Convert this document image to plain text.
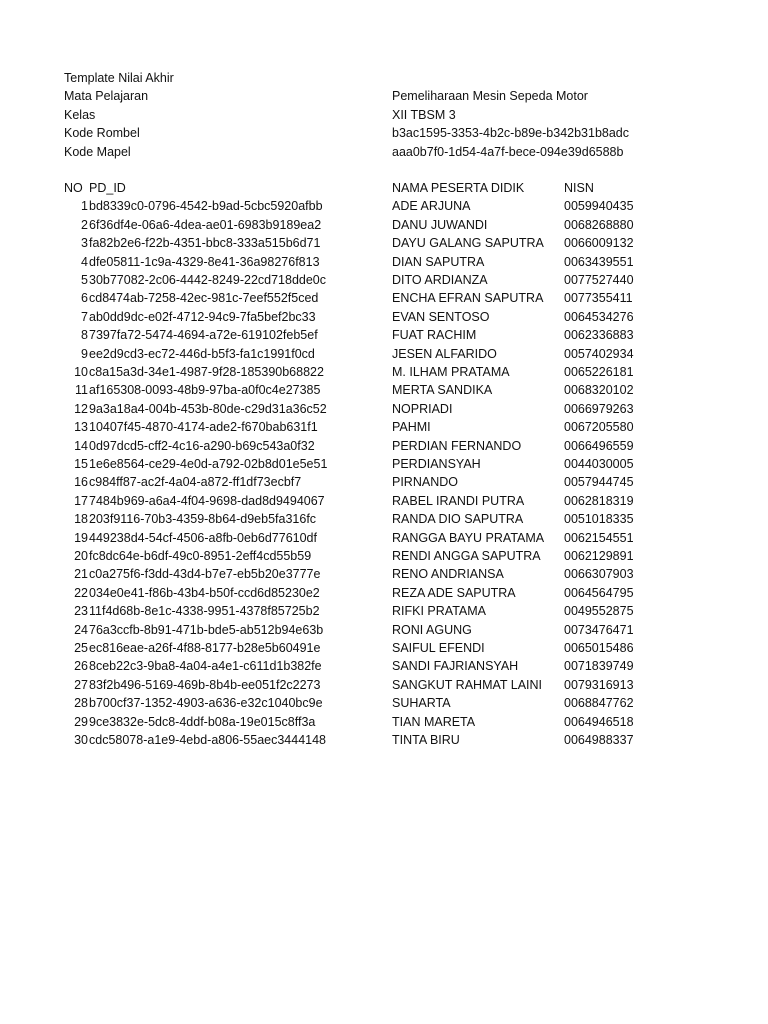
Template Nilai Akhir
Mata Pelajaran	Pemeliharaan Mesin Sepeda Motor
Kelas	XII TBSM 3
Kode Rombel	b3ac1595-3353-4b2c-b89e-b342b31b8adc
Kode Mapel	aaa0b7f0-1d54-4a7f-bece-094e39d6588b
NO PD_ID	NAMA PESERTA DIDIK	NISN
1 bd8339c0-0796-4542-b9ad-5cbc5920afbb	ADE ARJUNA	0059940435
2 6f36df4e-06a6-4dea-ae01-6983b9189ea2	DANU JUWANDI	0068268880
3 fa82b2e6-f22b-4351-bbc8-333a515b6d71	DAYU GALANG SAPUTRA 0066009132
4 dfe05811-1c9a-4329-8e41-36a98276f813	DIAN SAPUTRA	0063439551
5 30b77082-2c06-4442-8249-22cd718dde0c	DITO ARDIANZA	0077527440
6 cd8474ab-7258-42ec-981c-7eef552f5ced	ENCHA EFRAN SAPUTRA 0077355411
7 ab0dd9dc-e02f-4712-94c9-7fa5bef2bc33	EVAN SENTOSO	0064534276
8 7397fa72-5474-4694-a72e-619102feb5ef	FUAT RACHIM	0062336883
9 ee2d9cd3-ec72-446d-b5f3-fa1c1991f0cd	JESEN ALFARIDO	0057402934
10 c8a15a3d-34e1-4987-9f28-185390b68822	M. ILHAM PRATAMA	0065226181
11 af165308-0093-48b9-97ba-a0f0c4e27385	MERTA SANDIKA	0068320102
12 9a3a18a4-004b-453b-80de-c29d31a36c52	NOPRIADI	0066979263
13 10407f45-4870-4174-ade2-f670bab631f1	PAHMI	0067205580
14 0d97dcd5-cff2-4c16-a290-b69c543a0f32	PERDIAN FERNANDO	0066496559
15 1e6e8564-ce29-4e0d-a792-02b8d01e5e51	PERDIANSYAH	0044030005
16 c984ff87-ac2f-4a04-a872-ff1df73ecbf7	PIRNANDO	0057944745
17 7484b969-a6a4-4f04-9698-dad8d9494067	RABEL IRANDI PUTRA	0062818319
18 203f9116-70b3-4359-8b64-d9eb5fa316fc	RANDA DIO SAPUTRA	0051018335
19 449238d4-54cf-4506-a8fb-0eb6d77610df	RANGGA BAYU PRATAMA 0062154551
20 fc8dc64e-b6df-49c0-8951-2eff4cd55b59	RENDI ANGGA SAPUTRA 0062129891
21 c0a275f6-f3dd-43d4-b7e7-eb5b20e3777e	RENO ANDRIANSA	0066307903
22 034e0e41-f86b-43b4-b50f-ccd6d85230e2	REZA ADE SAPUTRA	0064564795
23 11f4d68b-8e1c-4338-9951-4378f85725b2	RIFKI PRATAMA	0049552875
24 76a3ccfb-8b91-471b-bde5-ab512b94e63b	RONI AGUNG	0073476471
25 ec816eae-a26f-4f88-8177-b28e5b60491e	SAIFUL EFENDI	0065015486
26 8ceb22c3-9ba8-4a04-a4e1-c611d1b382fe	SANDI FAJRIANSYAH	0071839749
27 83f2b496-5169-469b-8b4b-ee051f2c2273	SANGKUT RAHMAT LAINI 0079316913
28 b700cf37-1352-4903-a636-e32c1040bc9e	SUHARTA	0068847762
29 9ce3832e-5dc8-4ddf-b08a-19e015c8ff3a	TIAN MARETA	0064946518
30 cdc58078-a1e9-4ebd-a806-55aec3444148	TINTA BIRU	0064988337
